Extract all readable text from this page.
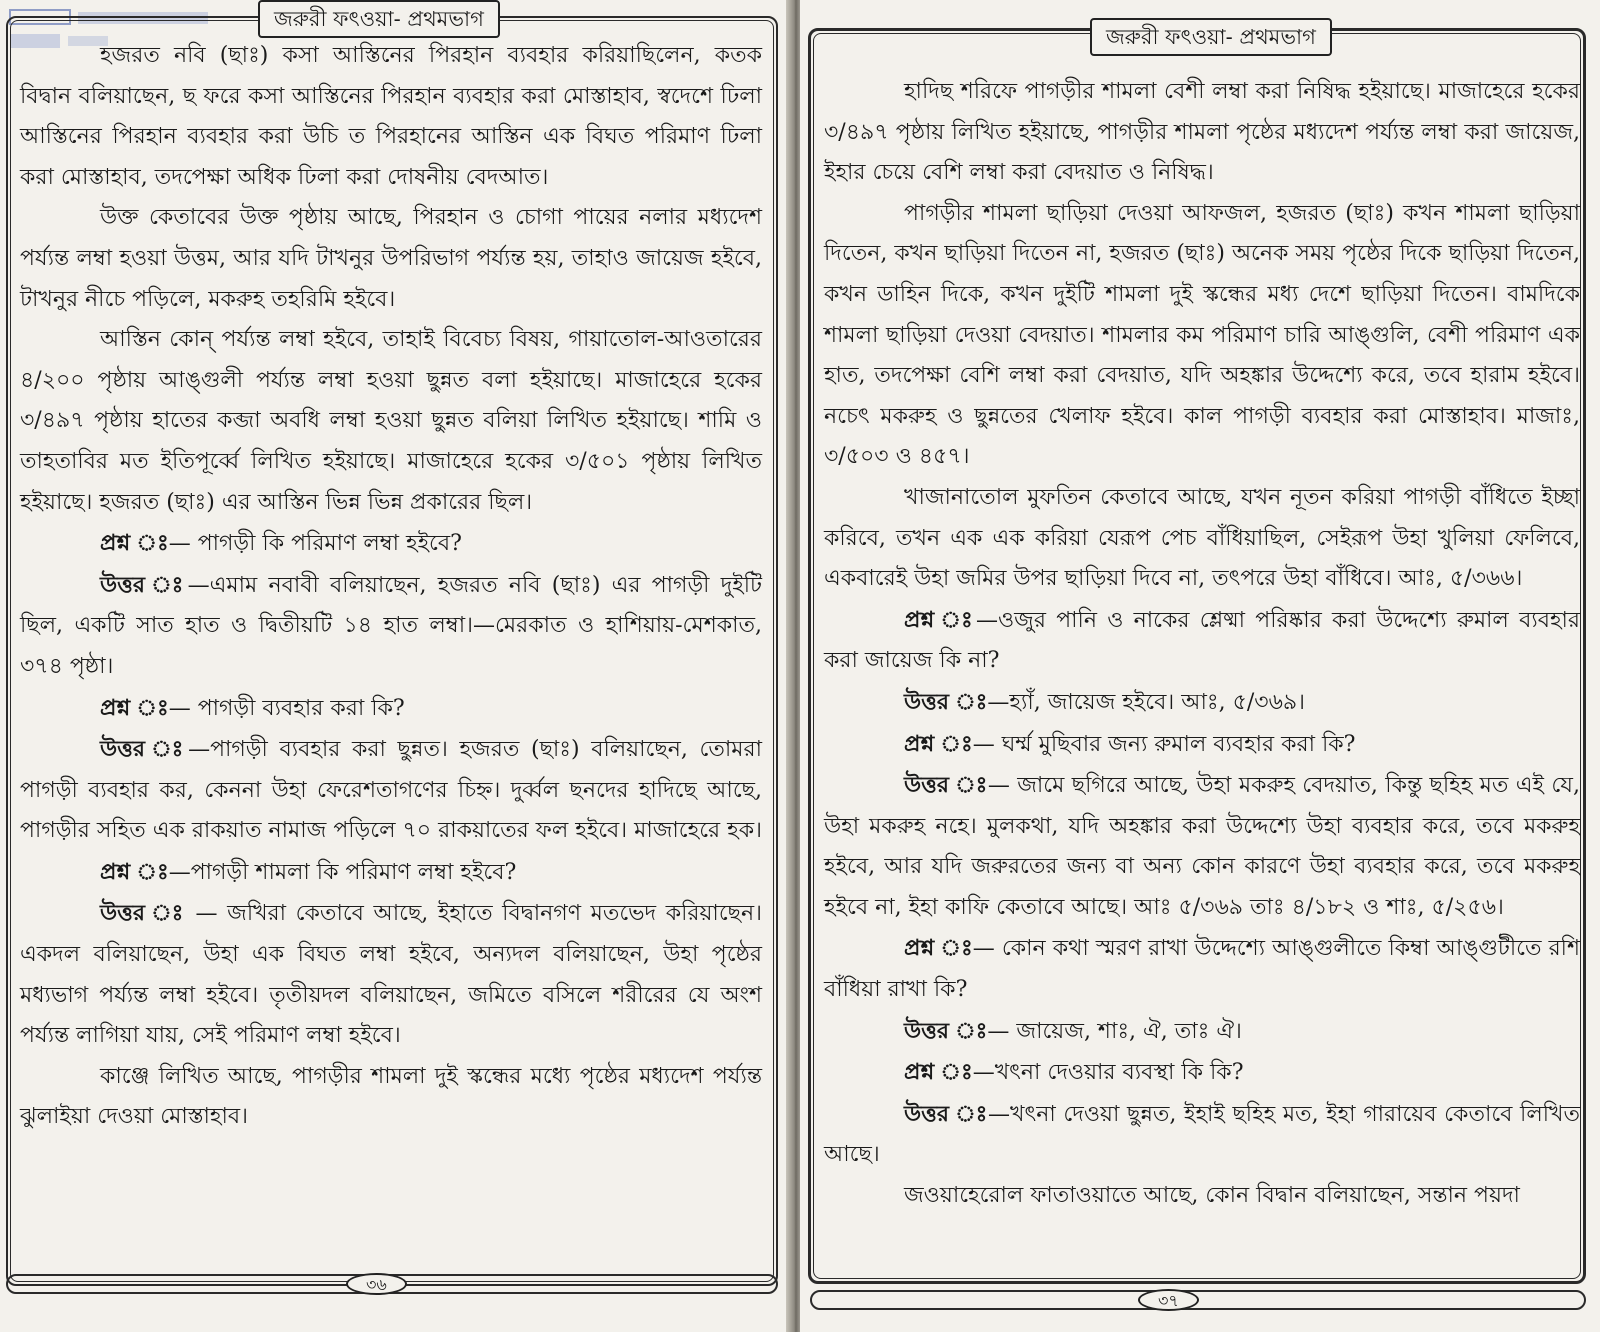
জরুরী ফৎওয়া- প্রথমভাগ

হজরত নবি (ছাঃ) কসা আস্তিনের পিরহান ব্যবহার করিয়াছিলেন, কতক বিদ্বান বলিয়াছেন, ছ ফরে কসা আস্তিনের পিরহান ব্যবহার করা মোস্তাহাব, স্বদেশে ঢিলা আস্তিনের পিরহান ব্যবহার করা উচি ত পিরহানের আস্তিন এক বিঘত পরিমাণ ঢিলা করা মোস্তাহাব, তদপেক্ষা অধিক ঢিলা করা দোষনীয় বেদআত।

উক্ত কেতাবের উক্ত পৃষ্ঠায় আছে, পিরহান ও চোগা পায়ের নলার মধ্যদেশ পর্য্যন্ত লম্বা হওয়া উত্তম, আর যদি টাখনুর উপরিভাগ পর্য্যন্ত হয়, তাহাও জায়েজ হইবে, টাখনুর নীচে পড়িলে, মকরুহ তহরিমি হইবে।

আস্তিন কোন্ পর্য্যন্ত লম্বা হইবে, তাহাই বিবেচ্য বিষয়, গায়াতোল-আওতারের ৪/২০০ পৃষ্ঠায় আঙ্গুলী পর্য্যন্ত লম্বা হওয়া ছুন্নত বলা হইয়াছে। মাজাহেরে হকের ৩/৪৯৭ পৃষ্ঠায় হাতের কব্জা অবধি লম্বা হওয়া ছুন্নত বলিয়া লিখিত হইয়াছে। শামি ও তাহতাবির মত ইতিপূর্ব্বে লিখিত হইয়াছে। মাজাহেরে হকের ৩/৫০১ পৃষ্ঠায় লিখিত হইয়াছে। হজরত (ছাঃ) এর আস্তিন ভিন্ন ভিন্ন প্রকারের ছিল।

প্রশ্ন ঃ— পাগড়ী কি পরিমাণ লম্বা হইবে?

উত্তর ঃ—এমাম নবাবী বলিয়াছেন, হজরত নবি (ছাঃ) এর পাগড়ী দুইটি ছিল, একটি সাত হাত ও দ্বিতীয়টি ১৪ হাত লম্বা।—মেরকাত ও হাশিয়ায়-মেশকাত, ৩৭৪ পৃষ্ঠা।

প্রশ্ন ঃ— পাগড়ী ব্যবহার করা কি?

উত্তর ঃ—পাগড়ী ব্যবহার করা ছুন্নত। হজরত (ছাঃ) বলিয়াছেন, তোমরা পাগড়ী ব্যবহার কর, কেননা উহা ফেরেশতাগণের চিহ্ন। দুর্ব্বল ছনদের হাদিছে আছে, পাগড়ীর সহিত এক রাকয়াত নামাজ পড়িলে ৭০ রাকয়াতের ফল হইবে। মাজাহেরে হক।

প্রশ্ন ঃ—পাগড়ী শামলা কি পরিমাণ লম্বা হইবে?

উত্তর ঃ — জখিরা কেতাবে আছে, ইহাতে বিদ্বানগণ মতভেদ করিয়াছেন। একদল বলিয়াছেন, উহা এক বিঘত লম্বা হইবে, অন্যদল বলিয়াছেন, উহা পৃষ্ঠের মধ্যভাগ পর্য্যন্ত লম্বা হইবে। তৃতীয়দল বলিয়াছেন, জমিতে বসিলে শরীরের যে অংশ পর্য্যন্ত লাগিয়া যায়, সেই পরিমাণ লম্বা হইবে।

কাঞ্জে লিখিত আছে, পাগড়ীর শামলা দুই স্কন্ধের মধ্যে পৃষ্ঠের মধ্যদেশ পর্য্যন্ত ঝুলাইয়া দেওয়া মোস্তাহাব।

৩৬
জরুরী ফৎওয়া- প্রথমভাগ

হাদিছ শরিফে পাগড়ীর শামলা বেশী লম্বা করা নিষিদ্ধ হইয়াছে। মাজাহেরে হকের ৩/৪৯৭ পৃষ্ঠায় লিখিত হইয়াছে, পাগড়ীর শামলা পৃষ্ঠের মধ্যদেশ পর্য্যন্ত লম্বা করা জায়েজ, ইহার চেয়ে বেশি লম্বা করা বেদয়াত ও নিষিদ্ধ।

পাগড়ীর শামলা ছাড়িয়া দেওয়া আফজল, হজরত (ছাঃ) কখন শামলা ছাড়িয়া দিতেন, কখন ছাড়িয়া দিতেন না, হজরত (ছাঃ) অনেক সময় পৃষ্ঠের দিকে ছাড়িয়া দিতেন, কখন ডাহিন দিকে, কখন দুইটি শামলা দুই স্কন্ধের মধ্য দেশে ছাড়িয়া দিতেন। বামদিকে শামলা ছাড়িয়া দেওয়া বেদয়াত। শামলার কম পরিমাণ চারি আঙ্গুলি, বেশী পরিমাণ এক হাত, তদপেক্ষা বেশি লম্বা করা বেদয়াত, যদি অহঙ্কার উদ্দেশ্যে করে, তবে হারাম হইবে। নচেৎ মকরুহ ও ছুন্নতের খেলাফ হইবে। কাল পাগড়ী ব্যবহার করা মোস্তাহাব। মাজাঃ, ৩/৫০৩ ও ৪৫৭।

খাজানাতোল মুফতিন কেতাবে আছে, যখন নূতন করিয়া পাগড়ী বাঁধিতে ইচ্ছা করিবে, তখন এক এক করিয়া যেরূপ পেচ বাঁধিয়াছিল, সেইরূপ উহা খুলিয়া ফেলিবে, একবারেই উহা জমির উপর ছাড়িয়া দিবে না, তৎপরে উহা বাঁধিবে। আঃ, ৫/৩৬৬।

প্রশ্ন ঃ—ওজুর পানি ও নাকের শ্লেষ্মা পরিষ্কার করা উদ্দেশ্যে রুমাল ব্যবহার করা জায়েজ কি না?

উত্তর ঃ—হ্যাঁ, জায়েজ হইবে। আঃ, ৫/৩৬৯।

প্রশ্ন ঃ— ঘর্ম্ম মুছিবার জন্য রুমাল ব্যবহার করা কি?

উত্তর ঃ— জামে ছগিরে আছে, উহা মকরুহ বেদয়াত, কিন্তু ছহিহ মত এই যে, উহা মকরুহ নহে। মুলকথা, যদি অহঙ্কার করা উদ্দেশ্যে উহা ব্যবহার করে, তবে মকরুহ হইবে, আর যদি জরুরতের জন্য বা অন্য কোন কারণে উহা ব্যবহার করে, তবে মকরুহ হইবে না, ইহা কাফি কেতাবে আছে। আঃ ৫/৩৬৯ তাঃ ৪/১৮২ ও শাঃ, ৫/২৫৬।

প্রশ্ন ঃ— কোন কথা স্মরণ রাখা উদ্দেশ্যে আঙ্গুলীতে কিম্বা আঙ্গুটীতে রশি বাঁধিয়া রাখা কি?

উত্তর ঃ— জায়েজ, শাঃ, ঐ, তাঃ ঐ।

প্রশ্ন ঃ—খৎনা দেওয়ার ব্যবস্থা কি কি?

উত্তর ঃ—খৎনা দেওয়া ছুন্নত, ইহাই ছহিহ মত, ইহা গারায়েব কেতাবে লিখিত আছে।

জওয়াহেরোল ফাতাওয়াতে আছে, কোন বিদ্বান বলিয়াছেন, সন্তান পয়দা

৩৭
